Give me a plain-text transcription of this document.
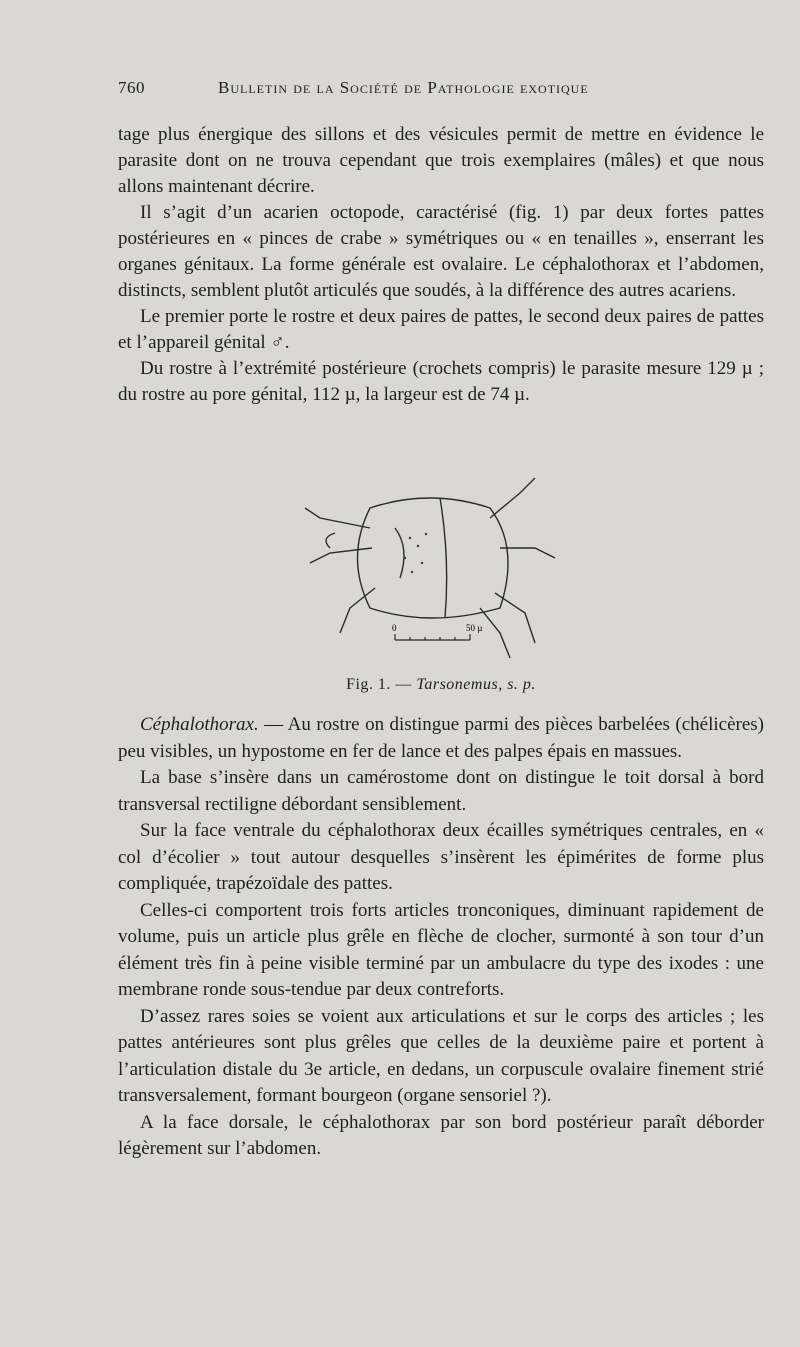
760	Bulletin de la Société de Pathologie exotique

tage plus énergique des sillons et des vésicules permit de mettre en évidence le parasite dont on ne trouva cependant que trois exemplaires (mâles) et que nous allons maintenant décrire.

Il s’agit d’un acarien octopode, caractérisé (fig. 1) par deux fortes pattes postérieures en « pinces de crabe » symétriques ou « en tenailles », enserrant les organes génitaux. La forme générale est ovalaire. Le céphalothorax et l’abdomen, distincts, semblent plutôt articulés que soudés, à la différence des autres acariens.

Le premier porte le rostre et deux paires de pattes, le second deux paires de pattes et l’appareil génital ♂.

Du rostre à l’extrémité postérieure (crochets compris) le parasite mesure 129 µ ; du rostre au pore génital, 112 µ, la largeur est de 74 µ.

0	50 µ
Fig. 1. — Tarsonemus, s. p.

Céphalothorax. — Au rostre on distingue parmi des pièces barbelées (chélicères) peu visibles, un hypostome en fer de lance et des palpes épais en massues.

La base s’insère dans un camérostome dont on distingue le toit dorsal à bord transversal rectiligne débordant sensiblement.

Sur la face ventrale du céphalothorax deux écailles symétriques centrales, en « col d’écolier » tout autour desquelles s’insèrent les épimérites de forme plus compliquée, trapézoïdale des pattes.

Celles-ci comportent trois forts articles tronconiques, diminuant rapidement de volume, puis un article plus grêle en flèche de clocher, surmonté à son tour d’un élément très fin à peine visible terminé par un ambulacre du type des ixodes : une membrane ronde sous-tendue par deux contreforts.

D’assez rares soies se voient aux articulations et sur le corps des articles ; les pattes antérieures sont plus grêles que celles de la deuxième paire et portent à l’articulation distale du 3e article, en dedans, un corpuscule ovalaire finement strié transversalement, formant bourgeon (organe sensoriel ?).

A la face dorsale, le céphalothorax par son bord postérieur paraît déborder légèrement sur l’abdomen.
